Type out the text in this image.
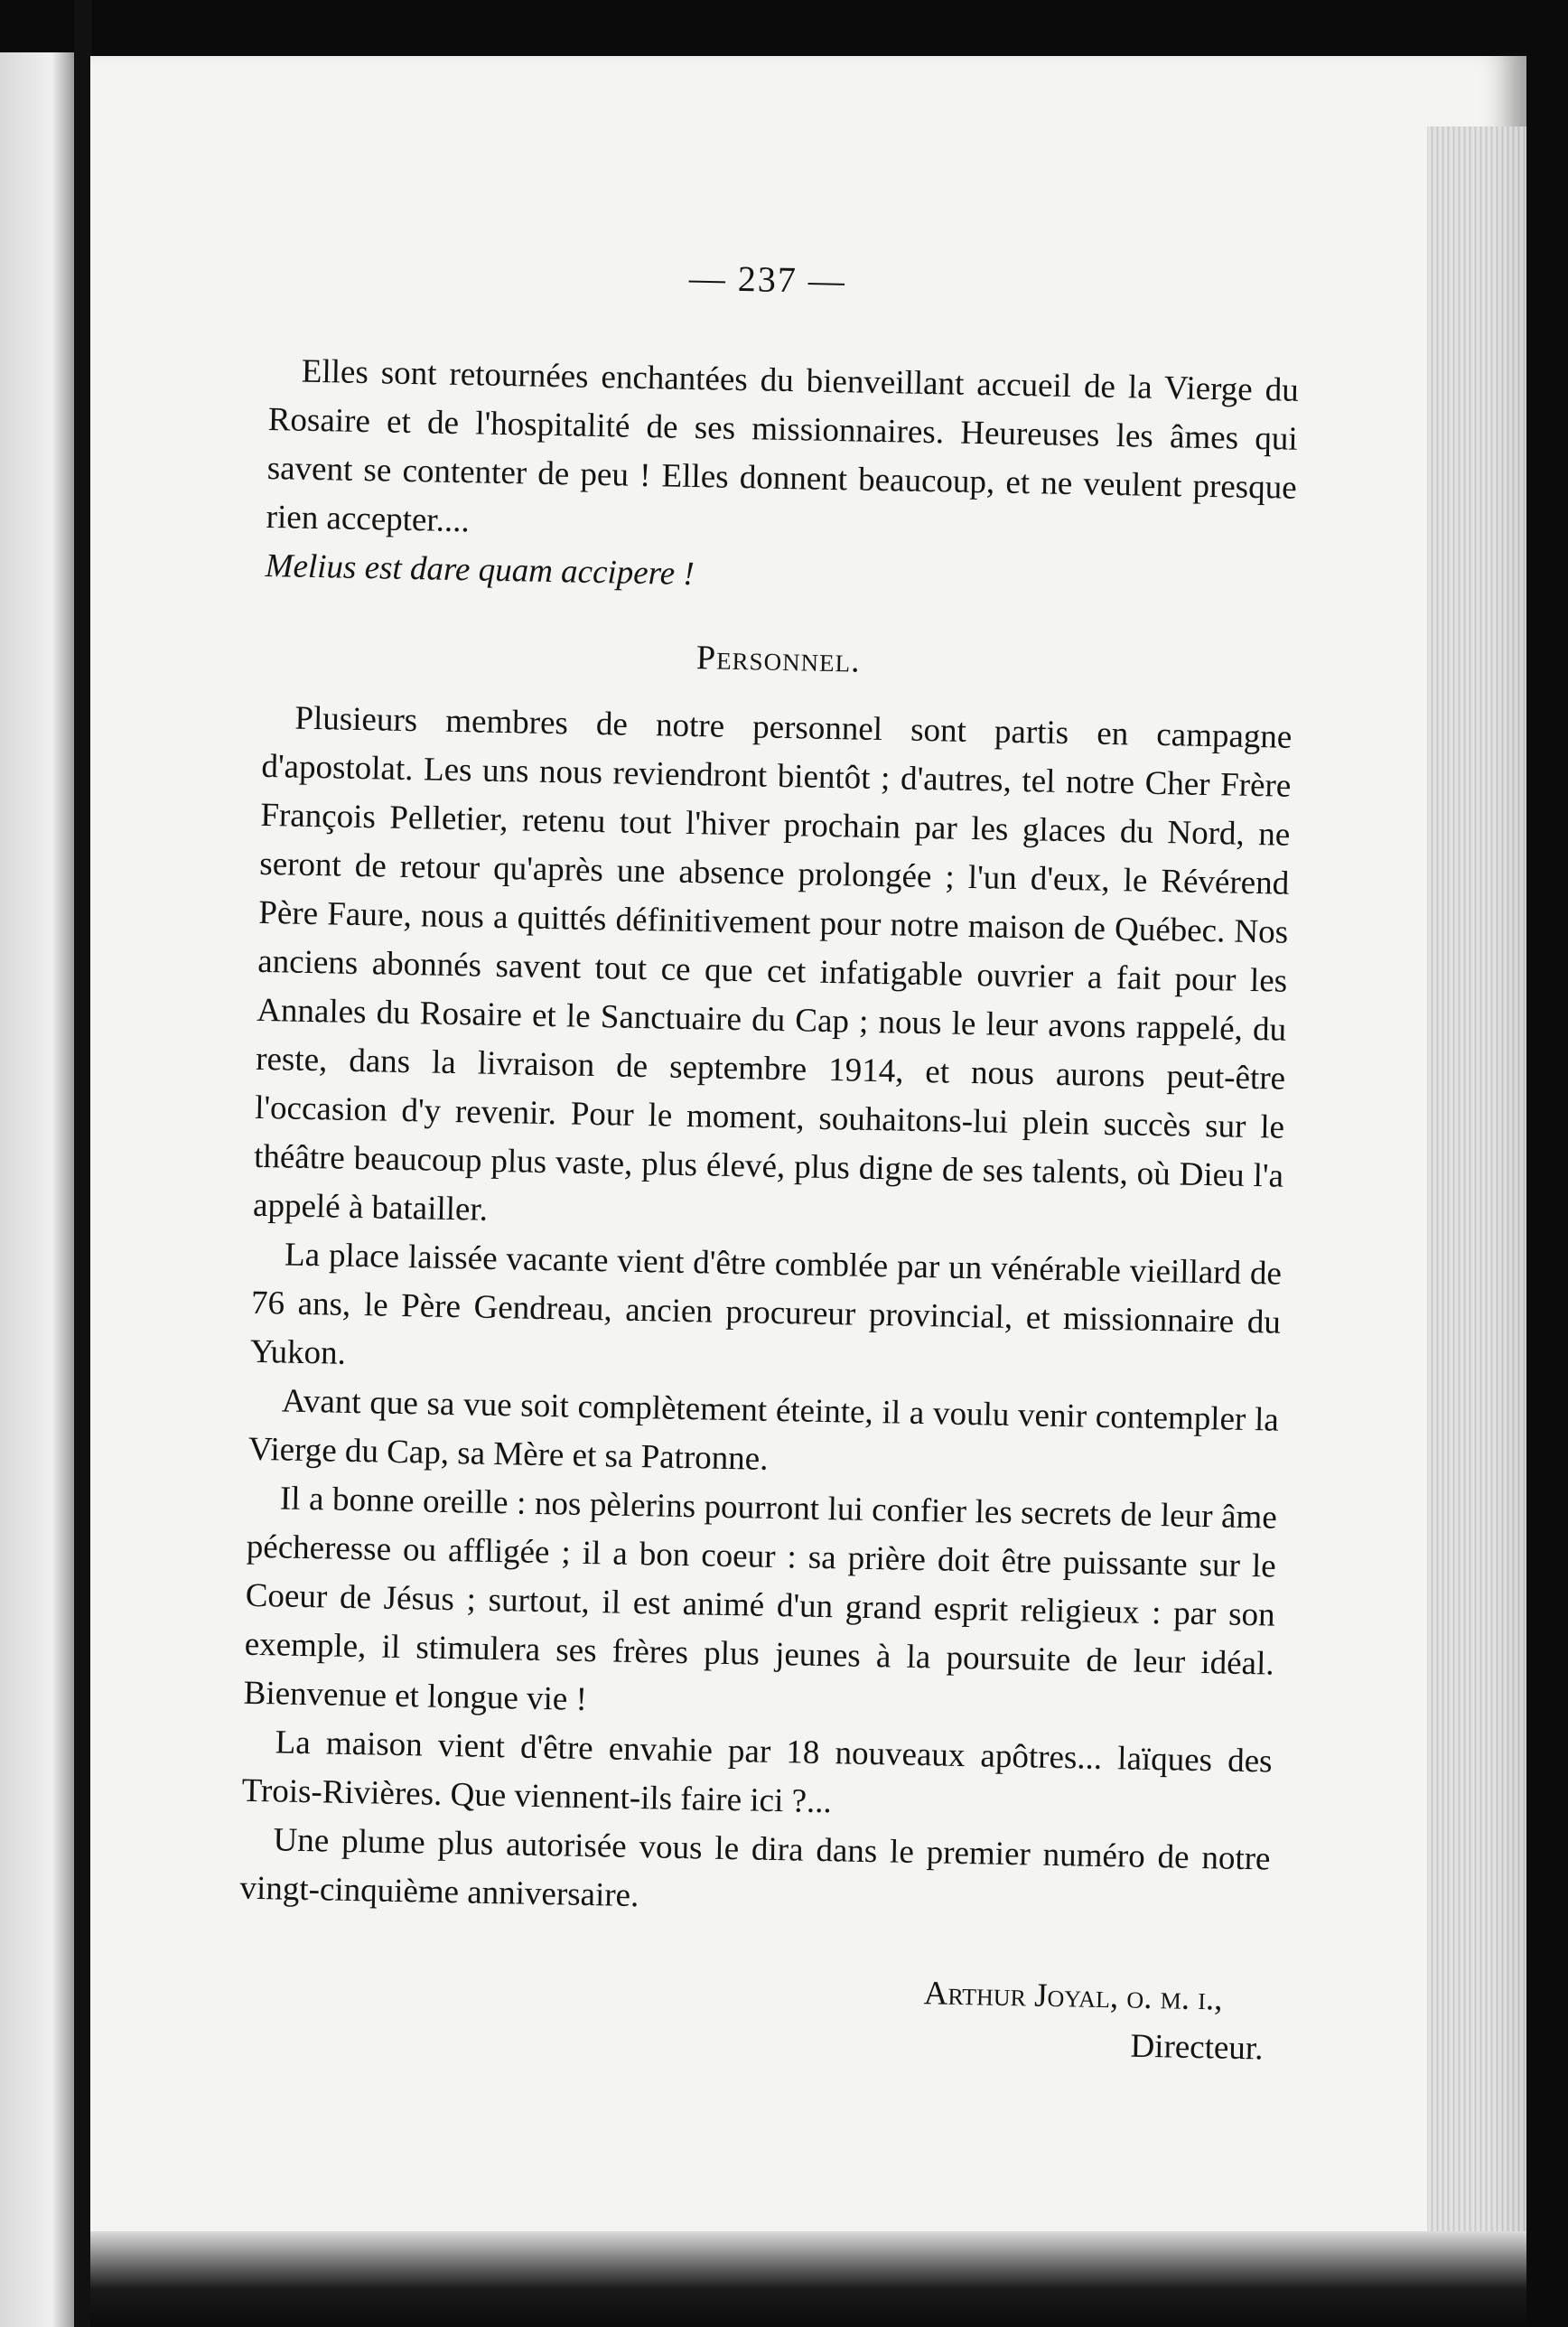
— 237 —

Elles sont retournées enchantées du bienveillant accueil de la Vierge du Rosaire et de l'hospitalité de ses missionnaires. Heureuses les âmes qui savent se contenter de peu ! Elles donnent beaucoup, et ne veulent presque rien accepter....

Melius est dare quam accipere !

Personnel.

Plusieurs membres de notre personnel sont partis en campagne d'apostolat. Les uns nous reviendront bientôt ; d'autres, tel notre Cher Frère François Pelletier, retenu tout l'hiver prochain par les glaces du Nord, ne seront de retour qu'après une absence prolongée ; l'un d'eux, le Révérend Père Faure, nous a quittés définitivement pour notre maison de Québec. Nos anciens abonnés savent tout ce que cet infatigable ouvrier a fait pour les Annales du Rosaire et le Sanctuaire du Cap ; nous le leur avons rappelé, du reste, dans la livraison de septembre 1914, et nous aurons peut-être l'occasion d'y revenir. Pour le moment, souhaitons-lui plein succès sur le théâtre beaucoup plus vaste, plus élevé, plus digne de ses talents, où Dieu l'a appelé à batailler.

La place laissée vacante vient d'être comblée par un vénérable vieillard de 76 ans, le Père Gendreau, ancien procureur provincial, et missionnaire du Yukon.

Avant que sa vue soit complètement éteinte, il a voulu venir contempler la Vierge du Cap, sa Mère et sa Patronne.

Il a bonne oreille : nos pèlerins pourront lui confier les secrets de leur âme pécheresse ou affligée ; il a bon coeur : sa prière doit être puissante sur le Coeur de Jésus ; surtout, il est animé d'un grand esprit religieux : par son exemple, il stimulera ses frères plus jeunes à la poursuite de leur idéal. Bienvenue et longue vie !

La maison vient d'être envahie par 18 nouveaux apôtres... laïques des Trois-Rivières. Que viennent-ils faire ici ?...

Une plume plus autorisée vous le dira dans le premier numéro de notre vingt-cinquième anniversaire.

Arthur Joyal, o. m. i.,
Directeur.
